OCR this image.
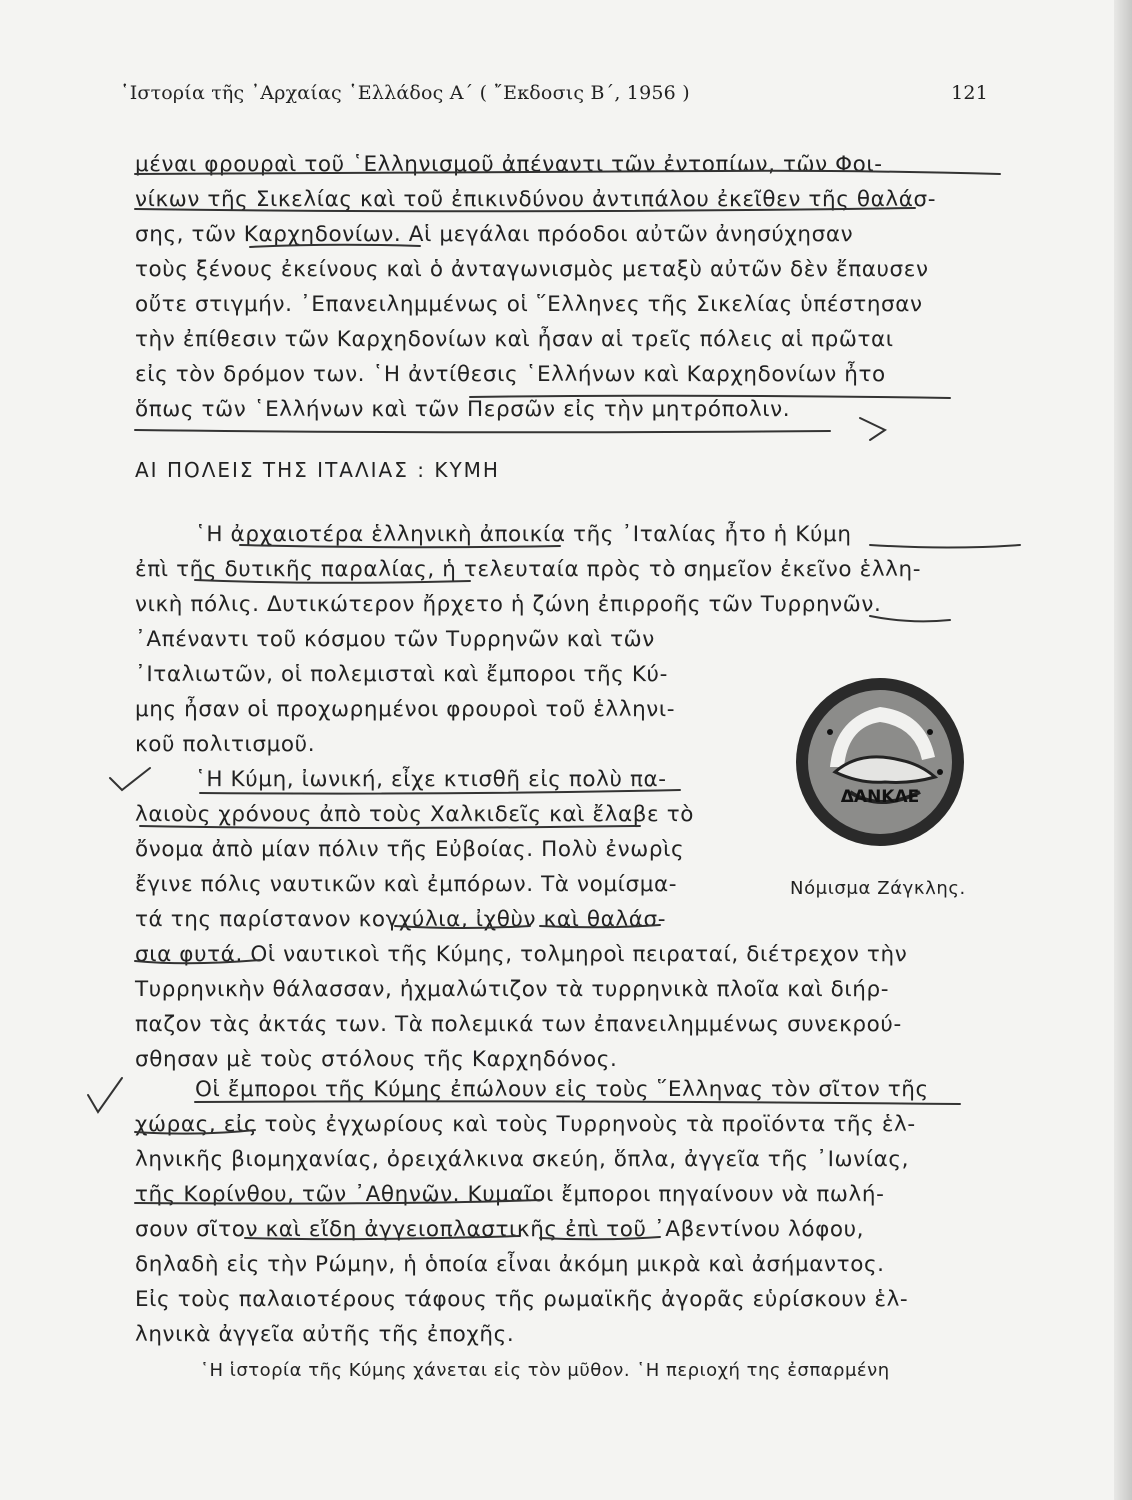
῾Ιστορία τῆς ᾿Αρχαίας ῾Ελλάδος Α΄ ( ῎Εκδοσις Β΄, 1956 )	121
μέναι φρουραὶ τοῦ ῾Ελληνισμοῦ ἀπέναντι τῶν ἐντοπίων, τῶν Φοι-
νίκων τῆς Σικελίας καὶ τοῦ ἐπικινδύνου ἀντιπάλου ἐκεῖθεν τῆς θαλάσ-
σης, τῶν Καρχηδονίων. Αἱ μεγάλαι πρόοδοι αὐτῶν ἀνησύχησαν
τοὺς ξένους ἐκείνους καὶ ὁ ἀνταγωνισμὸς μεταξὺ αὐτῶν δὲν ἔπαυσεν
οὔτε στιγμήν. ᾿Επανειλημμένως οἱ ῞Ελληνες τῆς Σικελίας ὑπέστησαν
τὴν ἐπίθεσιν τῶν Καρχηδονίων καὶ ἦσαν αἱ τρεῖς πόλεις αἱ πρῶται
εἰς τὸν δρόμον των. ῾Η ἀντίθεσις ῾Ελλήνων καὶ Καρχηδονίων ἦτο
ὅπως τῶν ῾Ελλήνων καὶ τῶν Περσῶν εἰς τὴν μητρόπολιν.
ΑΙ ΠΟΛΕΙΣ ΤΗΣ ΙΤΑΛΙΑΣ : ΚΥΜΗ
῾Η ἀρχαιοτέρα ἑλληνικὴ ἀποικία τῆς ᾿Ιταλίας ἦτο ἡ Κύμη
ἐπὶ τῆς δυτικῆς παραλίας, ἡ τελευταία πρὸς τὸ σημεῖον ἐκεῖνο ἑλλη-
νικὴ πόλις. Δυτικώτερον ἤρχετο ἡ ζώνη ἐπιρροῆς τῶν Τυρρηνῶν.
᾿Απέναντι τοῦ κόσμου τῶν Τυρρηνῶν καὶ τῶν
᾿Ιταλιωτῶν, οἱ πολεμισταὶ καὶ ἔμποροι τῆς Κύ-
μης ἦσαν οἱ προχωρημένοι φρουροὶ τοῦ ἑλληνι-
κοῦ πολιτισμοῦ.
῾Η Κύμη, ἰωνική, εἶχε κτισθῆ εἰς πολὺ πα-
λαιοὺς χρόνους ἀπὸ τοὺς Χαλκιδεῖς καὶ ἔλαβε τὸ
ὄνομα ἀπὸ μίαν πόλιν τῆς Εὐβοίας. Πολὺ ἐνωρὶς
ἔγινε πόλις ναυτικῶν καὶ ἐμπόρων. Τὰ νομίσμα-
τά της παρίστανον κογχύλια, ἰχθὺν καὶ θαλάσ-
σια φυτά. Οἱ ναυτικοὶ τῆς Κύμης, τολμηροὶ πειραταί, διέτρεχον τὴν
Τυρρηνικὴν θάλασσαν, ἠχμαλώτιζον τὰ τυρρηνικὰ πλοῖα καὶ διήρ-
παζον τὰς ἀκτάς των. Τὰ πολεμικά των ἐπανειλημμένως συνεκρού-
σθησαν μὲ τοὺς στόλους τῆς Καρχηδόνος.
Οἱ ἔμποροι τῆς Κύμης ἐπώλουν εἰς τοὺς ῞Ελληνας τὸν σῖτον τῆς
χώρας, εἰς τοὺς ἐγχωρίους καὶ τοὺς Τυρρηνοὺς τὰ προϊόντα τῆς ἑλ-
ληνικῆς βιομηχανίας, ὀρειχάλκινα σκεύη, ὅπλα, ἀγγεῖα τῆς ᾿Ιωνίας,
τῆς Κορίνθου, τῶν ᾿Αθηνῶν. Κυμαῖοι ἔμποροι πηγαίνουν νὰ πωλή-
σουν σῖτον καὶ εἴδη ἀγγειοπλαστικῆς ἐπὶ τοῦ ᾿Αβεντίνου λόφου,
δηλαδὴ εἰς τὴν Ρώμην, ἡ ὁποία εἶναι ἀκόμη μικρὰ καὶ ἀσήμαντος.
Εἰς τοὺς παλαιοτέρους τάφους τῆς ρωμαϊκῆς ἀγορᾶς εὑρίσκουν ἑλ-
ληνικὰ ἀγγεῖα αὐτῆς τῆς ἐποχῆς.
῾Η ἱστορία τῆς Κύμης χάνεται εἰς τὸν μῦθον. ῾Η περιοχή της ἐσπαρμένη
ΔΑΝΚΛΕ
Νόμισμα Ζάγκλης.
